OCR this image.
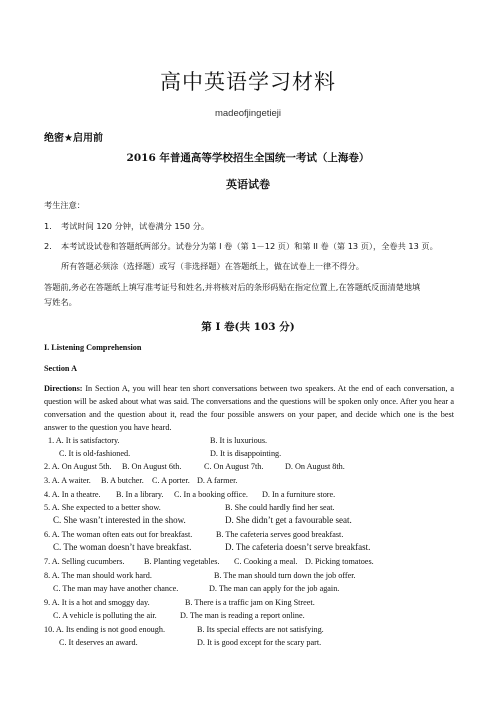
高中英语学习材料
madeofjingetieji
绝密★启用前
2016 年普通高等学校招生全国统一考试（上海卷）
英语试卷
考生注意：
1. 考试时间 120 分钟，试卷满分 150 分。
2. 本考试设试卷和答题纸两部分。试卷分为第 I 卷（第 1－12 页）和第 II 卷（第 13 页），全卷共 13 页。
所有答题必须涂（选择题）或写（非选择题）在答题纸上，做在试卷上一律不得分。
答题前,务必在答题纸上填写准考证号和姓名,并将核对后的条形码贴在指定位置上,在答题纸反面清楚地填
写姓名。
第 I 卷(共 103 分)
I. Listening Comprehension
Section A
Directions: In Section A, you will hear ten short conversations between two speakers. At the end of each conversation, a question will be asked about what was said. The conversations and the questions will be spoken only once. After you hear a conversation and the question about it, read the four possible answers on your paper, and decide which one is the best answer to the question you have heard.
1. A. It is satisfactory.	B. It is luxurious.
C. It is old-fashioned.	D. It is disappointing.
2. A. On August 5th. B. On August 6th.	C. On August 7th.	D. On August 8th.
3. A. A waiter. B. A butcher. C. A porter. D. A farmer.
4. A. In a theatre. B. In a library. C. In a booking office. D. In a furniture store.
5. A. She expected to a better show.	B. She could hardly find her seat.
C. She wasn’t interested in the show.	D. She didn’t get a favourable seat.
6. A. The woman often eats out for breakfast.	B. The cafeteria serves good breakfast.
C. The woman doesn’t have breakfast.	D. The cafeteria doesn’t serve breakfast.
7. A. Selling cucumbers. B. Planting vegetables. C. Cooking a meal. D. Picking tomatoes.
8. A. The man should work hard.	B. The man should turn down the job offer.
C. The man may have another chance.	D. The man can apply for the job again.
9. A. It is a hot and smoggy day.	B. There is a traffic jam on King Street.
C. A vehicle is polluting the air.	D. The man is reading a report online.
10. A. Its ending is not good enough.	B. Its special effects are not satisfying.
C. It deserves an award.	D. It is good except for the scary part.
